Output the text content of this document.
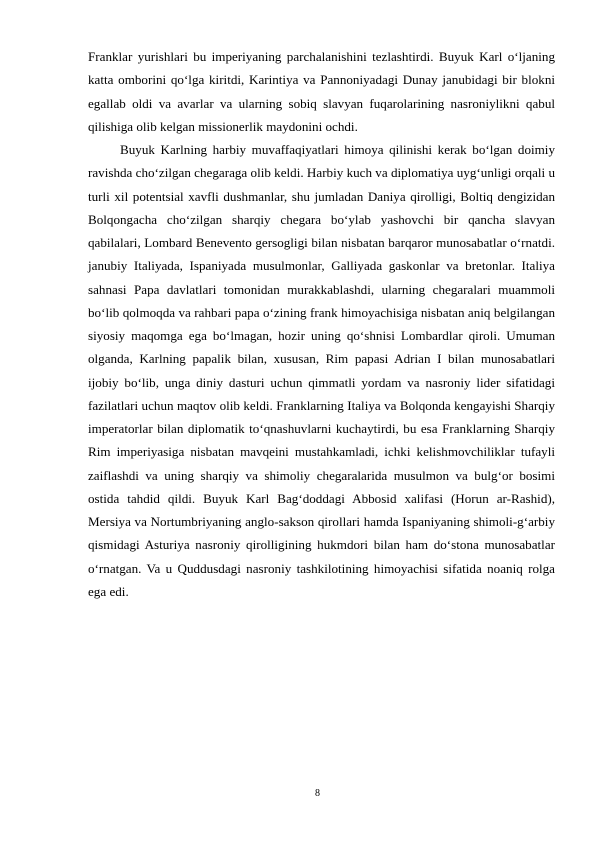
Franklar yurishlari bu imperiyaning parchalanishini tezlashtirdi. Buyuk Karl o‘ljaning katta omborini qo‘lga kiritdi, Karintiya va Pannoniyadagi Dunay janubidagi bir blokni egallab oldi va avarlar va ularning sobiq slavyan fuqarolarining nasroniylikni qabul qilishiga olib kelgan missionerlik maydonini ochdi.

Buyuk Karlning harbiy muvaffaqiyatlari himoya qilinishi kerak bo‘lgan doimiy ravishda cho‘zilgan chegaraga olib keldi. Harbiy kuch va diplomatiya uyg‘unligi orqali u turli xil potentsial xavfli dushmanlar, shu jumladan Daniya qirolligi, Boltiq dengizidan Bolqongacha cho‘zilgan sharqiy chegara bo‘ylab yashovchi bir qancha slavyan qabilalari, Lombard Benevento gersogligi bilan nisbatan barqaror munosabatlar o‘rnatdi. janubiy Italiyada, Ispaniyada musulmonlar, Galliyada gaskonlar va bretonlar. Italiya sahnasi Papa davlatlari tomonidan murakkablashdi, ularning chegaralari muammoli bo‘lib qolmoqda va rahbari papa o‘zining frank himoyachisiga nisbatan aniq belgilangan siyosiy maqomga ega bo‘lmagan, hozir uning qo‘shnisi Lombardlar qiroli. Umuman olganda, Karlning papalik bilan, xususan, Rim papasi Adrian I bilan munosabatlari ijobiy bo‘lib, unga diniy dasturi uchun qimmatli yordam va nasroniy lider sifatidagi fazilatlari uchun maqtov olib keldi. Franklarning Italiya va Bolqonda kengayishi Sharqiy imperatorlar bilan diplomatik to‘qnashuvlarni kuchaytirdi, bu esa Franklarning Sharqiy Rim imperiyasiga nisbatan mavqeini mustahkamladi, ichki kelishmovchiliklar tufayli zaiflashdi va uning sharqiy va shimoliy chegaralarida musulmon va bulg‘or bosimi ostida tahdid qildi. Buyuk Karl Bag‘doddagi Abbosid xalifasi (Horun ar-Rashid), Mersiya va Nortumbriyaning anglo-sakson qirollari hamda Ispaniyaning shimoli-g‘arbiy qismidagi Asturiya nasroniy qirolligining hukmdori bilan ham do‘stona munosabatlar o‘rnatgan. Va u Quddusdagi nasroniy tashkilotining himoyachisi sifatida noaniq rolga ega edi.

8
